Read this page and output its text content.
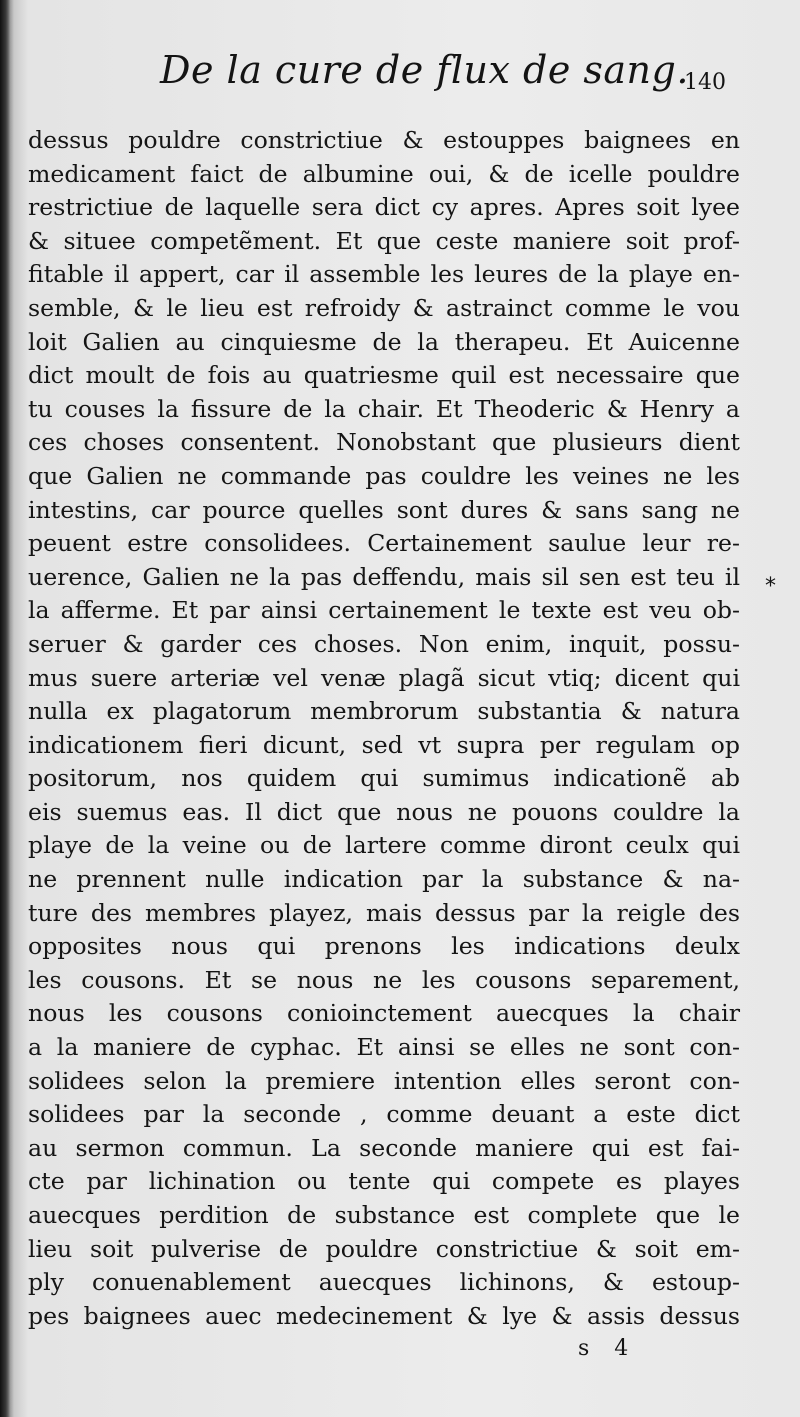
De la cure de flux de sang.
140
dessus pouldre constrictiue & estouppes baignees en
medicament faict de albumine oui, & de icelle pouldre
restrictiue de laquelle sera dict cy apres. Apres soit lyee
& situee competẽment. Et que ceste maniere soit prof-
fitable il appert, car il assemble les leures de la playe en-
semble, & le lieu est refroidy & astrainct comme le vou
loit Galien au cinquiesme de la therapeu. Et Auicenne
dict moult de fois au quatriesme quil est necessaire que
tu couses la fissure de la chair. Et Theoderic & Henry a
ces choses consentent. Nonobstant que plusieurs dient
que Galien ne commande pas couldre les veines ne les
intestins, car pource quelles sont dures & sans sang ne
peuent estre consolidees. Certainement saulue leur re-
uerence, Galien ne la pas deffendu, mais sil sen est teu il
la afferme. Et par ainsi certainement le texte est veu ob-
seruer & garder ces choses. Non enim, inquit, possu-
mus suere arteriæ vel venæ plagã sicut vtiq; dicent qui
nulla ex plagatorum membrorum substantia & natura
indicationem fieri dicunt, sed vt supra per regulam op
positorum, nos quidem qui sumimus indicationẽ ab
eis suemus eas. Il dict que nous ne pouons couldre la
playe de la veine ou de lartere comme diront ceulx qui
ne prennent nulle indication par la substance & na-
ture des membres playez, mais dessus par la reigle des
opposites nous qui prenons les indications deulx
les cousons. Et se nous ne les cousons separement,
nous les cousons conioinctement auecques la chair
a la maniere de cyphac. Et ainsi se elles ne sont con-
solidees selon la premiere intention elles seront con-
solidees par la seconde , comme deuant a este dict
au sermon commun. La seconde maniere qui est fai-
cte par lichination ou tente qui compete es playes
auecques perdition de substance est complete que le
lieu soit pulverise de pouldre constrictiue & soit em-
ply conuenablement auecques lichinons, & estoup-
pes baignees auec medecinement & lye & assis dessus
*
s 4
